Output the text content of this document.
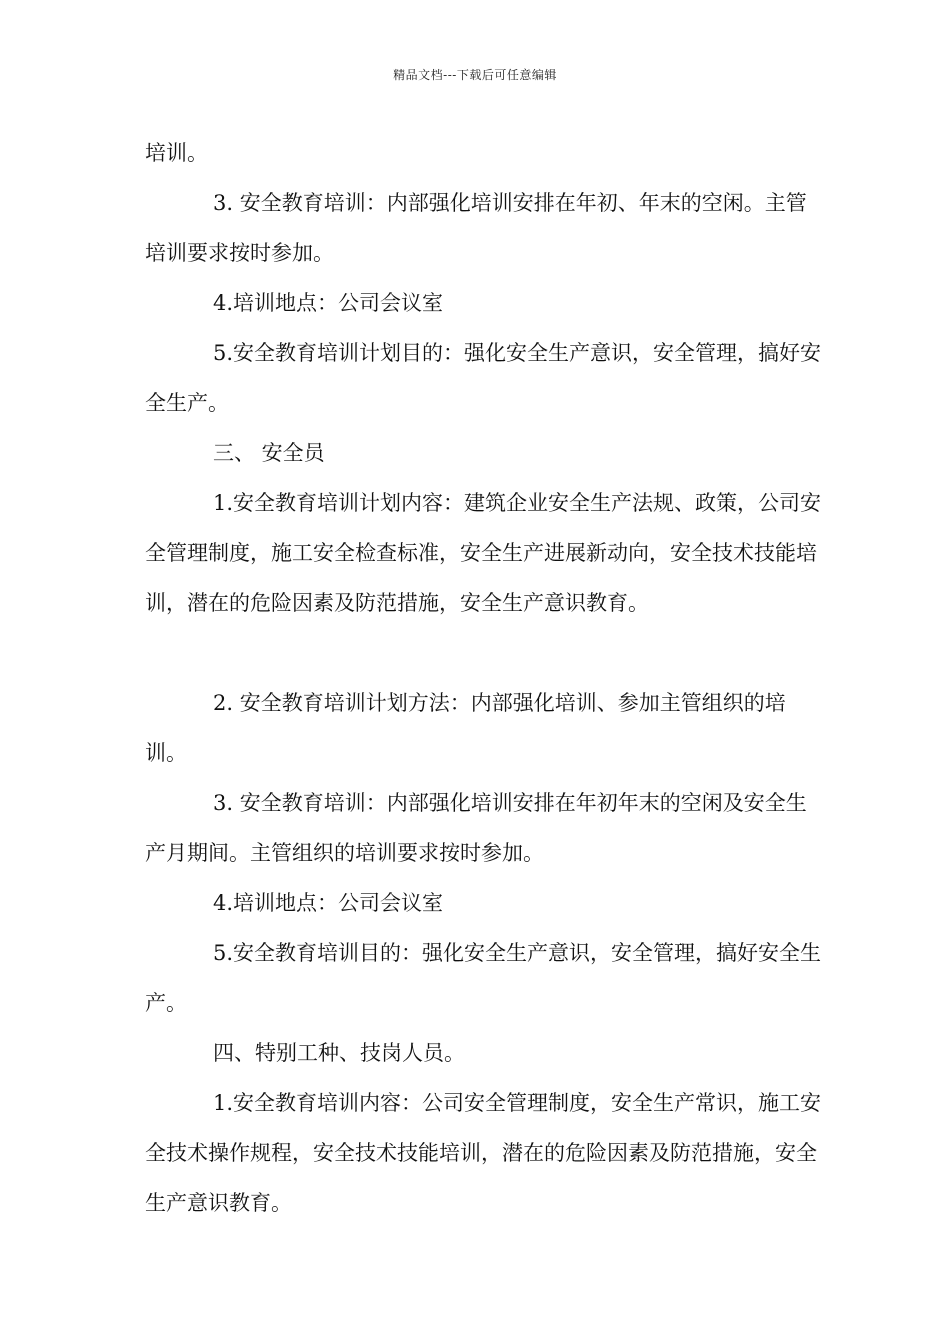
精品文档---下载后可任意编辑

培训。

3. 安全教育培训：内部强化培训安排在年初、年末的空闲。主管培训要求按时参加。

4.培训地点：公司会议室

5.安全教育培训计划目的：强化安全生产意识，安全管理，搞好安全生产。

三、 安全员

1.安全教育培训计划内容：建筑企业安全生产法规、政策，公司安全管理制度，施工安全检查标准，安全生产进展新动向，安全技术技能培训，潜在的危险因素及防范措施，安全生产意识教育。

2. 安全教育培训计划方法：内部强化培训、参加主管组织的培训。

3. 安全教育培训：内部强化培训安排在年初年末的空闲及安全生产月期间。主管组织的培训要求按时参加。

4.培训地点：公司会议室

5.安全教育培训目的：强化安全生产意识，安全管理，搞好安全生产。

四、特别工种、技岗人员。

1.安全教育培训内容：公司安全管理制度，安全生产常识，施工安全技术操作规程，安全技术技能培训，潜在的危险因素及防范措施，安全生产意识教育。
